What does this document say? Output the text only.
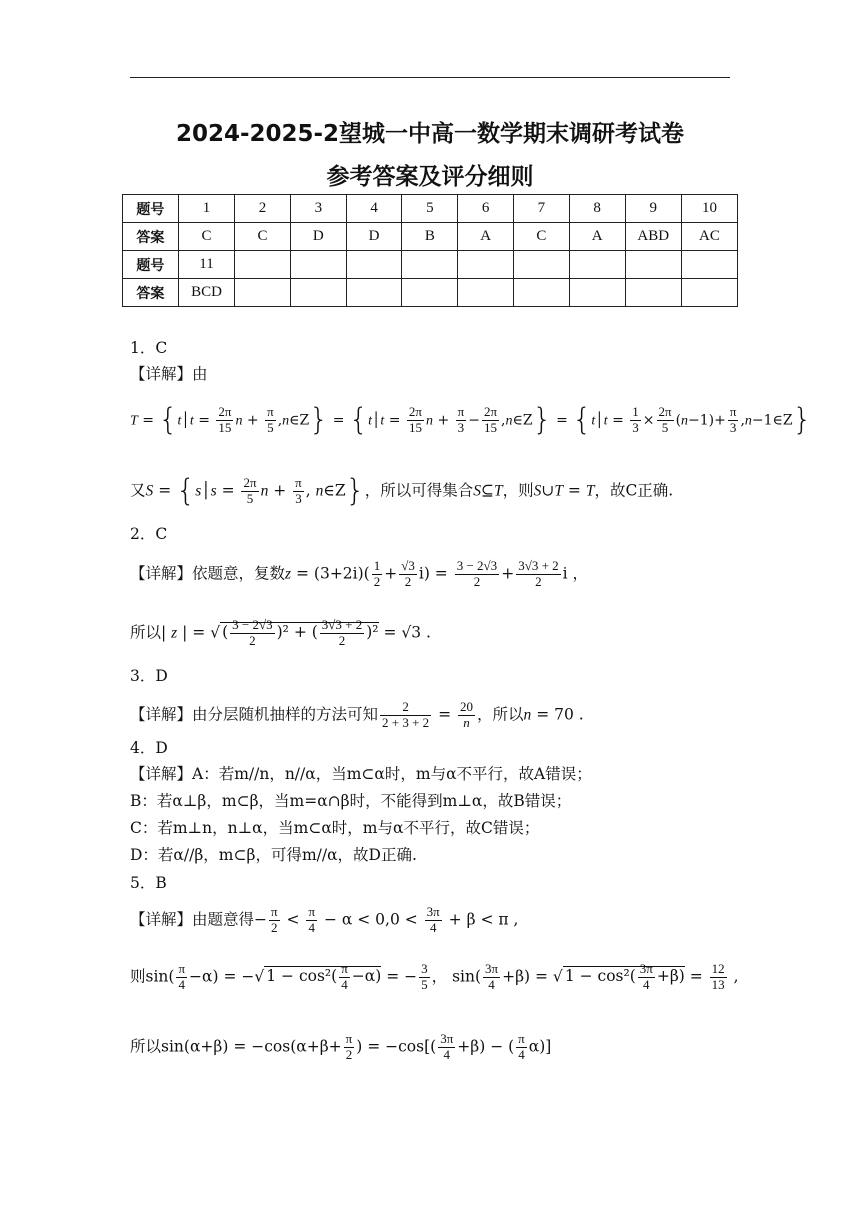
2024-2025-2望城一中高一数学期末调研考试卷
参考答案及评分细则
题号	1	2	3	4	5	6	7	8	9	10
答案	C	C	D	D	B	A	C	A	ABD	AC
题号	11									
答案	BCD									
1．C
【详解】由
T = {t│t = $\frac{2\pi}{15}$ $n + \frac{\pi}{5}$ ,n∈Z} = {t│t = $\frac{2\pi}{15}$ $n + \frac{\pi}{3} - \frac{2\pi}{15}$ ,n∈Z} = {t│t = $\frac{1}{3} \times \frac{2\pi}{5} (n-1)+ \frac{\pi}{3}$ ,n−1∈Z}
又S = {s│s = $\frac{2\pi}{5}$ $n + \frac{\pi}{3}$ , n∈Z}，所以可得集合S⊆T，则S∪T = T，故C正确.
2．C
【详解】依题意，复数$z = (3+2i)( \frac{1}{2} + \frac{√3}{2} i) = \frac{3 - 2√3}{2} + \frac{3√3 + 2}{2}$ i ，
所以| z | = √ ( $\frac{3 - 2√3}{2} )^2$ + ( $\frac{3√3 + 2}{2} )^2 = √3$ .
3．D
【详解】由分层随机抽样的方法可知 $\frac{2}{2 + 3 + 2} = \frac{20}{n}$ ，所以n = 70 .
4．D
【详解】A：若m//n，n//α，当m⊂α时，m与α不平行，故A错误；
B：若α⊥β，m⊂β，当m=α∩β时，不能得到m⊥α，故B错误；
C：若m⊥n，n⊥α，当m⊂α时，m与α不平行，故C错误；
D：若α//β，m⊂β，可得m//α，故D正确.
5．B
【详解】由题意得− $\frac{\pi}{2} < \frac{\pi}{4} - \alpha < 0,0 < \frac{3\pi}{4} + \beta < \pi$ ,
则$\sin( \frac{\pi}{4} -\alpha)$ = −√ $1 - \cos^2( \frac{\pi}{4} -\alpha)$ = − $\frac{3}{5}$ ， $\sin( \frac{3\pi}{4} +\beta)$ = √ $1 - \cos^2( \frac{3\pi}{4} +\beta) = \frac{12}{13}$ ,
所以$\sin(\alpha+\beta) = -\cos(\alpha+\beta+ \frac{\pi}{2}$ ) = $-\cos[( \frac{3\pi}{4} +\beta)$ − ( $\frac{\pi}{4} \alpha$)]
